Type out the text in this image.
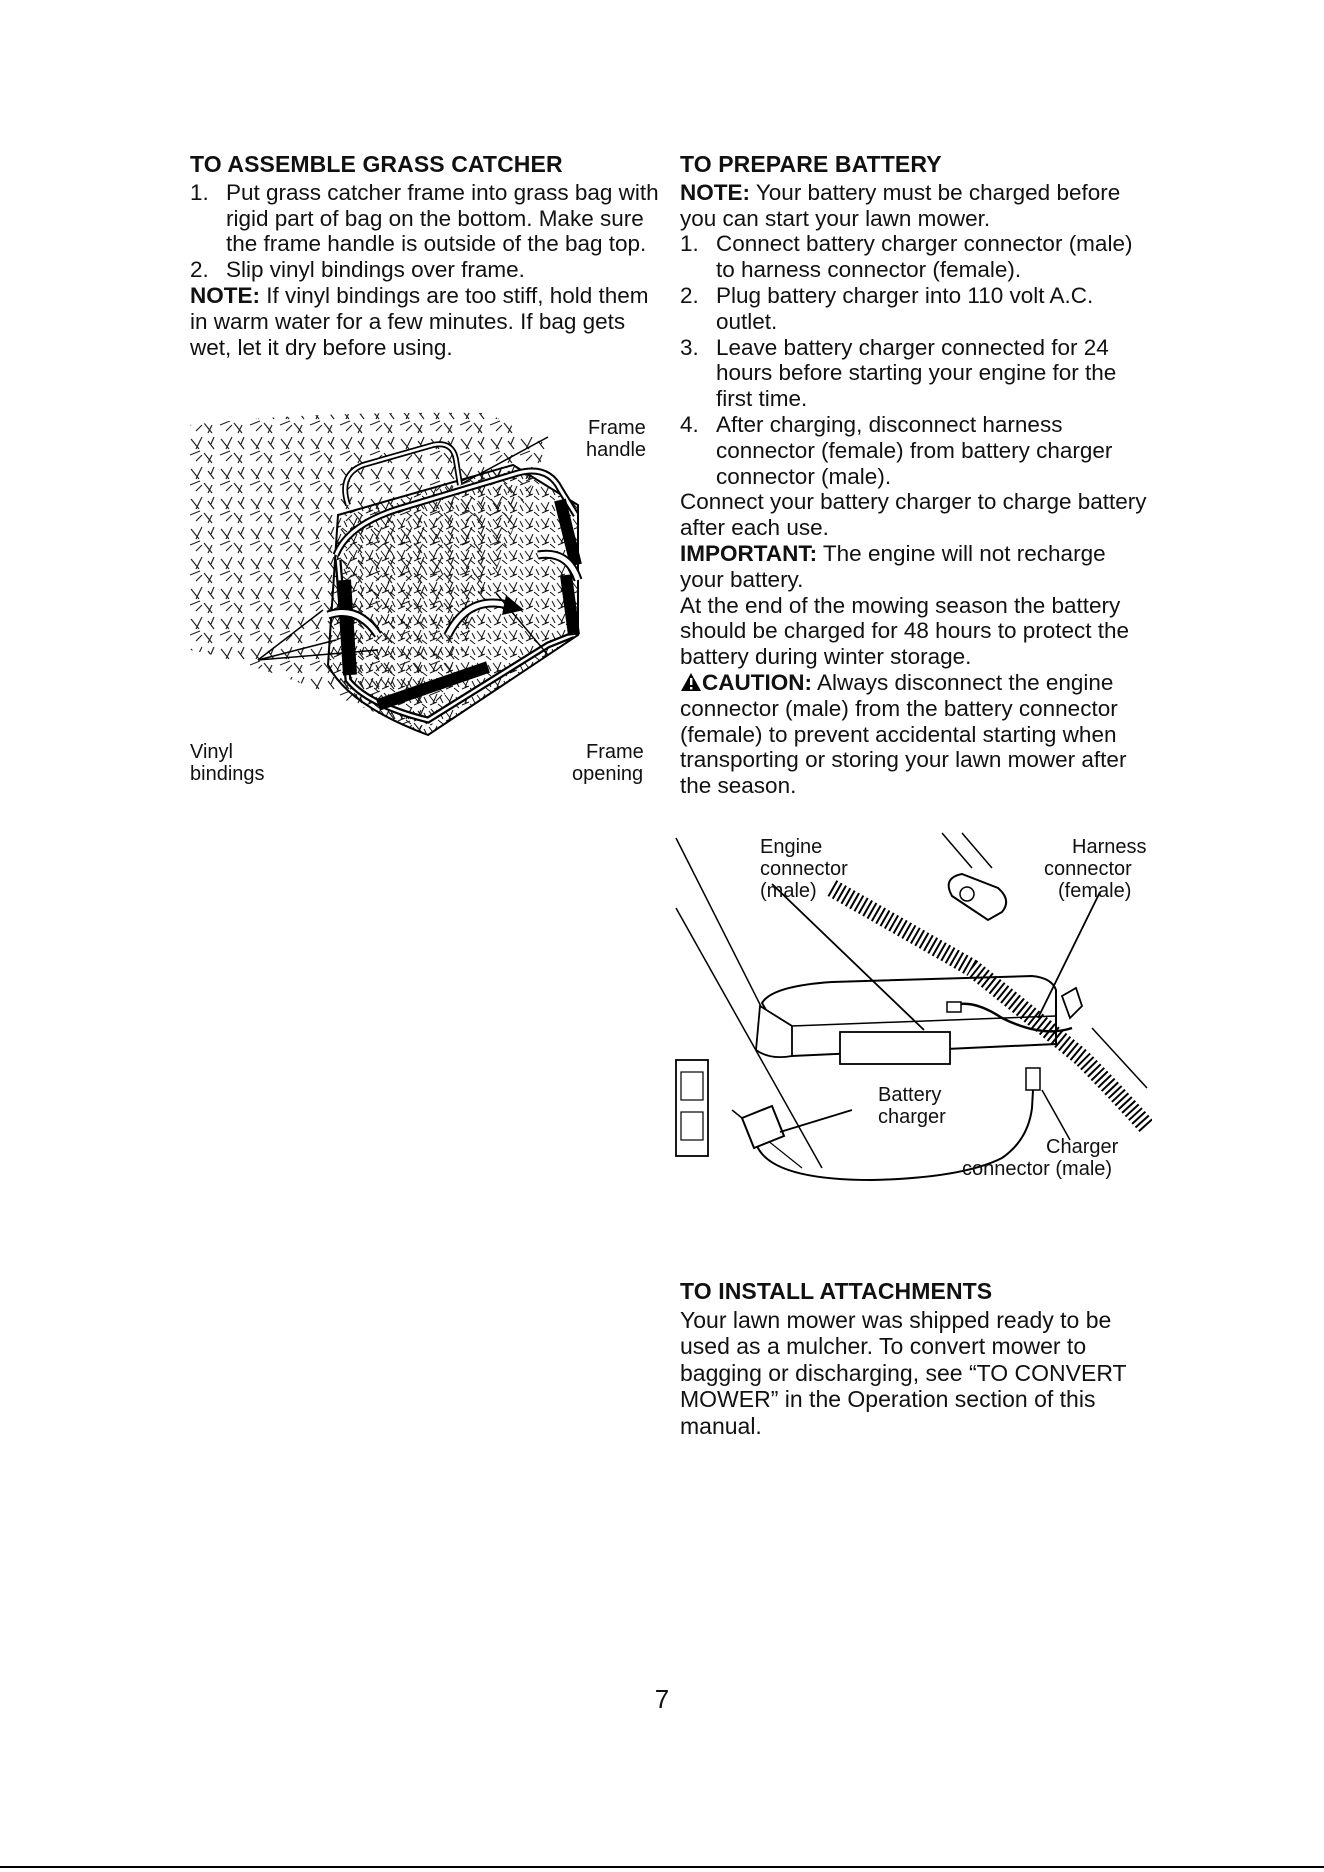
TO ASSEMBLE GRASS CATCHER
1. Put grass catcher frame into grass bag with rigid part of bag on the bottom. Make sure the frame handle is outside of the bag top.
2. Slip vinyl bindings over frame.

NOTE: If vinyl bindings are too stiff, hold them in warm water for a few minutes. If bag gets wet, let it dry before using.

Frame
handle
Vinyl
bindings
Frame
opening
TO PREPARE BATTERY

NOTE: Your battery must be charged before you can start your lawn mower.

1. Connect battery charger connector (male) to harness connector (female).
2. Plug battery charger into 110 volt A.C. outlet.
3. Leave battery charger connected for 24 hours before starting your engine for the first time.
4. After charging, disconnect harness connector (female) from battery charger connector (male).

Connect your battery charger to charge battery after each use.

IMPORTANT: The engine will not recharge your battery.

At the end of the mowing season the battery should be charged for 48 hours to protect the battery during winter storage.

CAUTION: Always disconnect the engine connector (male) from the battery connector (female) to prevent accidental starting when transporting or storing your lawn mower after the season.

Engine
connector
(male)
Harness
connector
(female)
Battery
charger
Charger
connector (male)
TO INSTALL ATTACHMENTS

Your lawn mower was shipped ready to be used as a mulcher. To convert mower to bagging or discharging, see “TO CONVERT MOWER” in the Operation section of this manual.

7
